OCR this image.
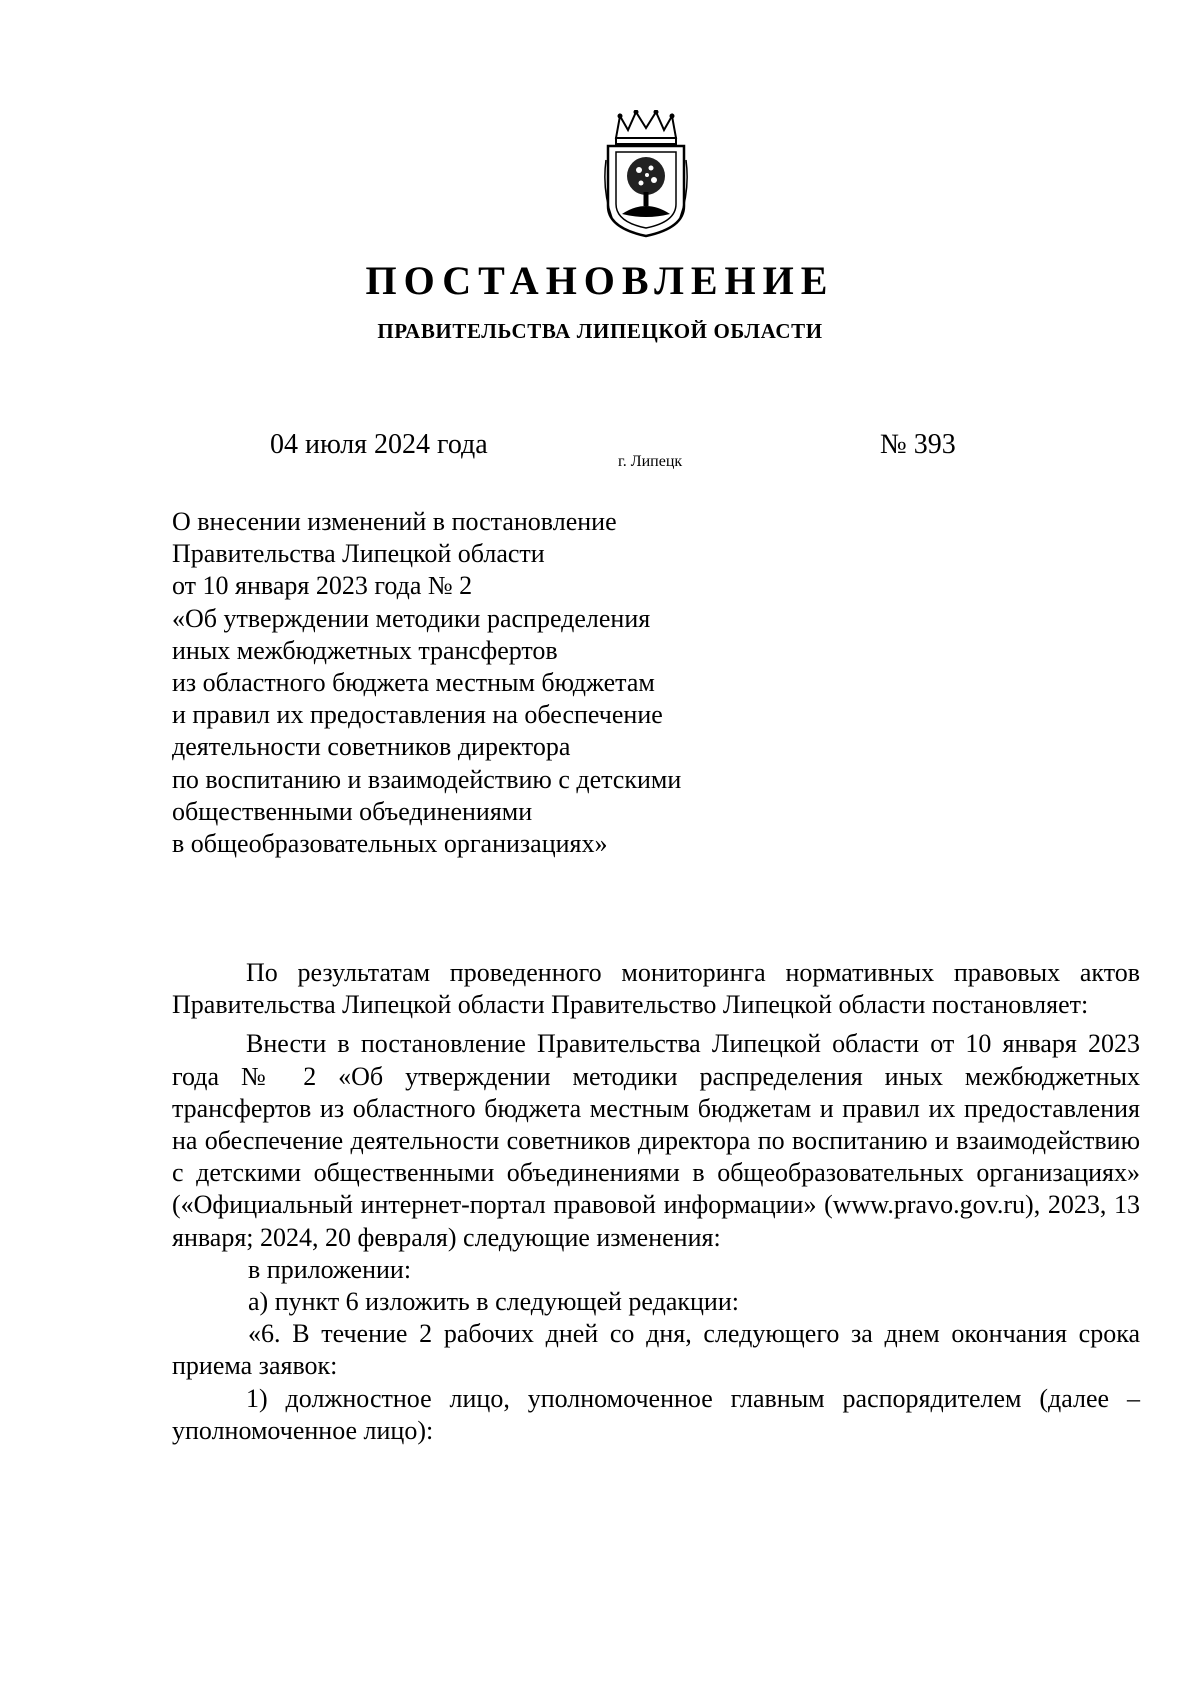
ПОСТАНОВЛЕНИЕ
ПРАВИТЕЛЬСТВА ЛИПЕЦКОЙ ОБЛАСТИ
04 июля 2024 года
г. Липецк
№ 393
О внесении изменений в постановление
Правительства Липецкой области
от 10 января 2023 года № 2
«Об утверждении методики распределения
иных межбюджетных трансфертов
из областного бюджета местным бюджетам
и правил их предоставления на обеспечение
деятельности советников директора
по воспитанию и взаимодействию с детскими
общественными объединениями
в общеобразовательных организациях»

По результатам проведенного мониторинга нормативных правовых актов Правительства Липецкой области Правительство Липецкой области постановляет:

Внести в постановление Правительства Липецкой области от 10 января 2023 года № 2 «Об утверждении методики распределения иных межбюджетных трансфертов из областного бюджета местным бюджетам и правил их предоставления на обеспечение деятельности советников директора по воспитанию и взаимодействию с детскими общественными объединениями в общеобразовательных организациях» («Официальный интернет-портал правовой информации» (www.pravo.gov.ru), 2023, 13 января; 2024, 20 февраля) следующие изменения:

в приложении:

а) пункт 6 изложить в следующей редакции:

«6. В течение 2 рабочих дней со дня, следующего за днем окончания срока приема заявок:

1) должностное лицо, уполномоченное главным распорядителем (далее – уполномоченное лицо):
